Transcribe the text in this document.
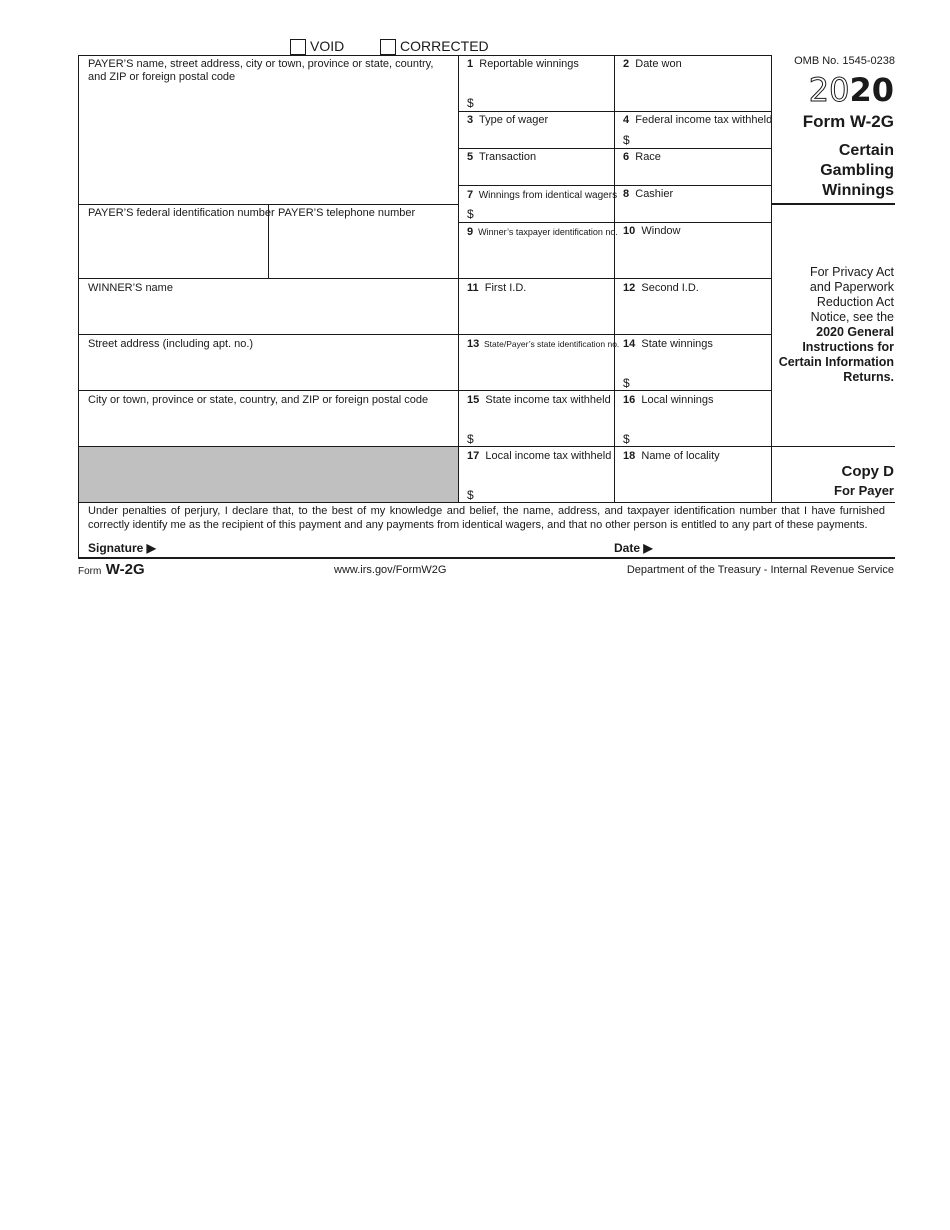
VOID	CORRECTED
PAYER’S name, street address, city or town, province or state, country, and ZIP or foreign postal code
PAYER’S federal identification number PAYER’S telephone number
WINNER’S name
Street address (including apt. no.)
City or town, province or state, country, and ZIP or foreign postal code
1 Reportable winnings
$
2 Date won
3 Type of wager	4 Federal income tax withheld
$
5 Transaction	6 Race
7 Winnings from identical wagers
$
8 Cashier
9 Winner’s taxpayer identification no. 10 Window
11 First I.D.	12 Second I.D.
13 State/Payer’s state identification no. 14 State winnings
$
15 State income tax withheld
$
16 Local winnings
$
17 Local income tax withheld
$
18 Name of locality
OMB No. 1545-0238
2020
Form W-2G
Certain
Gambling
Winnings
For Privacy Act
and Paperwork
Reduction Act
Notice, see the
2020 General
Instructions for
Certain Information
Returns.
Copy D
For Payer
Under penalties of perjury, I declare that, to the best of my knowledge and belief, the name, address, and taxpayer identification number that I have furnished correctly identify me as the recipient of this payment and any payments from identical wagers, and that no other person is entitled to any part of these payments.
Signature ▶	Date ▶
Form W-2G	www.irs.gov/FormW2G	Department of the Treasury - Internal Revenue Service
